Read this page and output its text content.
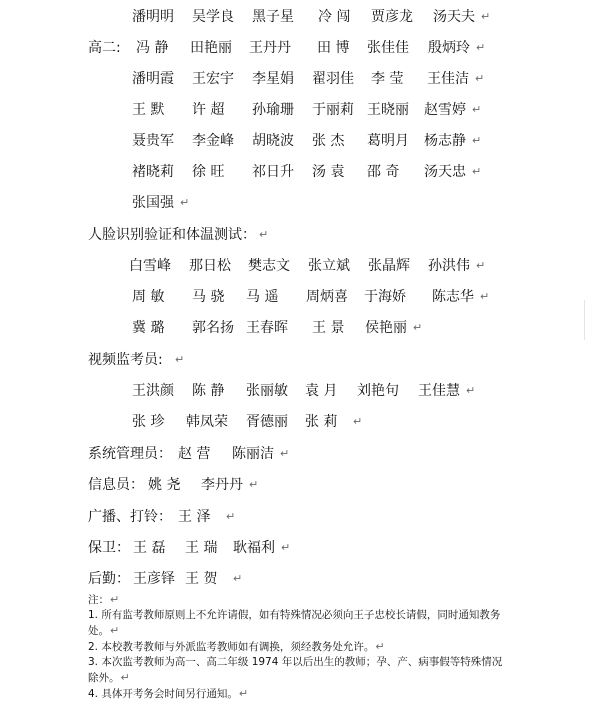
潘明明 吴学良 黑子星 冷 闯 贾彦龙 汤天夫 ↵
高二: 冯 静 田艳丽 王丹丹 田 博 张佳佳 殷炳玲 ↵
潘明霞 王宏宇 李星娟 翟羽佳 李 莹 王佳洁 ↵
王 默 许 超 孙瑜珊 于丽莉 王晓丽 赵雪婷 ↵
聂贵军 李金峰 胡晓波 张 杰 葛明月 杨志静 ↵
褚晓莉 徐 旺 祁日升 汤 袁 邵 奇 汤天忠 ↵
张国强 ↵
人脸识别验证和体温测试： ↵
白雪峰 那日松 樊志文 张立斌 张晶辉 孙洪伟 ↵
周 敏 马 骁 马 遥 周炳喜 于海娇 陈志华 ↵
冀 璐 郭名扬 王春晖 王 景 侯艳丽 ↵
视频监考员: ↵
王洪颜 陈 静 张丽敏 袁 月 刘艳句 王佳慧 ↵
张 珍 韩凤荣 胥德丽 张 莉 ↵
系统管理员： 赵 营 陈丽洁 ↵
信息员： 姚 尧 李丹丹 ↵
广播、打铃： 王 泽 ↵
保卫： 王 磊 王 瑞 耿福利 ↵
后勤： 王彦铎 王 贺 ↵
注：↵
1. 所有监考教师原则上不允许请假，如有特殊情况必须向王子忠校长请假，同时通知教务处。↵
2. 本校教考教师与外派监考教师如有调换，须经教务处允许。↵
3. 本次监考教师为高一、高二年级 1974 年以后出生的教师；孕、产、病事假等特殊情况除外。↵
4. 具体开考务会时间另行通知。↵
